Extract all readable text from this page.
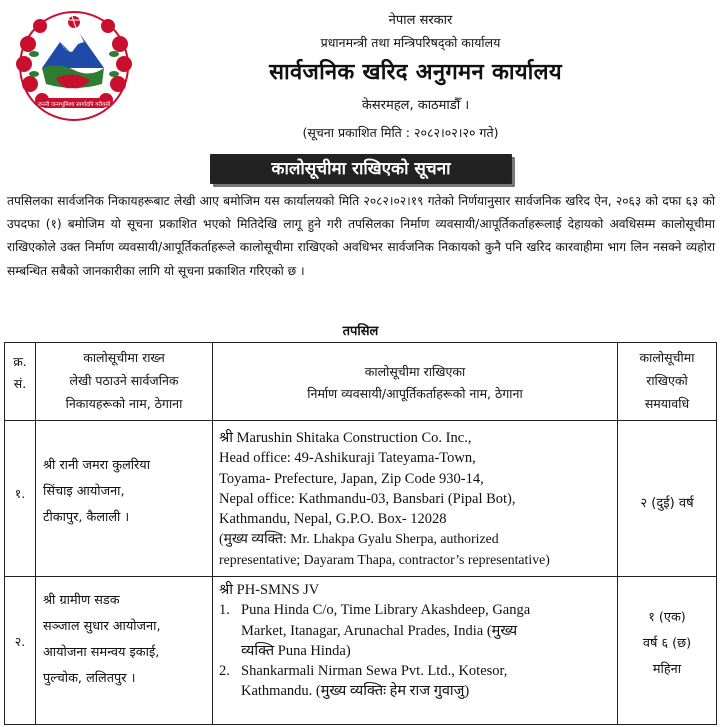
जननी जन्मभूमिश्च स्वर्गादपि गरीयसी
नेपाल सरकार
प्रधानमन्त्री तथा मन्त्रिपरिषद्को कार्यालय
सार्वजनिक खरिद अनुगमन कार्यालय
केसरमहल, काठमाडौँ ।
(सूचना प्रकाशित मिति : २०८२।०२।२० गते)
कालोसूचीमा राखिएको सूचना
तपसिलका सार्वजनिक निकायहरूबाट लेखी आए बमोजिम यस कार्यालयको मिति २०८२।०२।१९ गतेको निर्णयानुसार सार्वजनिक खरिद ऐन, २०६३ को दफा ६३ को उपदफा (१) बमोजिम यो सूचना प्रकाशित भएको मितिदेखि लागू हुने गरी तपसिलका निर्माण व्यवसायी/आपूर्तिकर्ताहरूलाई देहायको अवधिसम्म कालोसूचीमा राखिएकोले उक्त निर्माण व्यवसायी/आपूर्तिकर्ताहरूले कालोसूचीमा राखिएको अवधिभर सार्वजनिक निकायको कुनै पनि खरिद कारवाहीमा भाग लिन नसक्ने व्यहोरा सम्बन्धित सबैको जानकारीका लागि यो सूचना प्रकाशित गरिएको छ ।
तपसिल
क्र.
सं.
कालोसूचीमा राख्न
लेखी पठाउने सार्वजनिक
निकायहरूको नाम, ठेगाना
कालोसूचीमा राखिएका
निर्माण व्यवसायी/आपूर्तिकर्ताहरूको नाम, ठेगाना
कालोसूचीमा
राखिएको
समयावधि
१.
श्री रानी जमरा कुलरिया
सिंचाइ आयोजना,
टीकापुर, कैलाली ।
श्री Marushin Shitaka Construction Co. Inc.,
Head office: 49-Ashikuraji Tateyama-Town,
Toyama- Prefecture, Japan, Zip Code 930-14,
Nepal office: Kathmandu-03, Bansbari (Pipal Bot),
Kathmandu, Nepal, G.P.O. Box- 12028
(मुख्य व्यक्ति: Mr. Lhakpa Gyalu Sherpa, authorized
representative; Dayaram Thapa, contractor’s representative)
२ (दुई) वर्ष
२.
श्री ग्रामीण सडक
सञ्जाल सुधार आयोजना,
आयोजना समन्वय इकाई,
पुल्चोक, ललितपुर ।
श्री PH-SMNS JV
1. Puna Hinda C/o, Time Library Akashdeep, Ganga
Market, Itanagar, Arunachal Prades, India (मुख्य
व्यक्ति Puna Hinda)
2. Shankarmali Nirman Sewa Pvt. Ltd., Kotesor,
Kathmandu. (मुख्य व्यक्तिः हेम राज गुवाजु)
१ (एक)
वर्ष ६ (छ)
महिना
